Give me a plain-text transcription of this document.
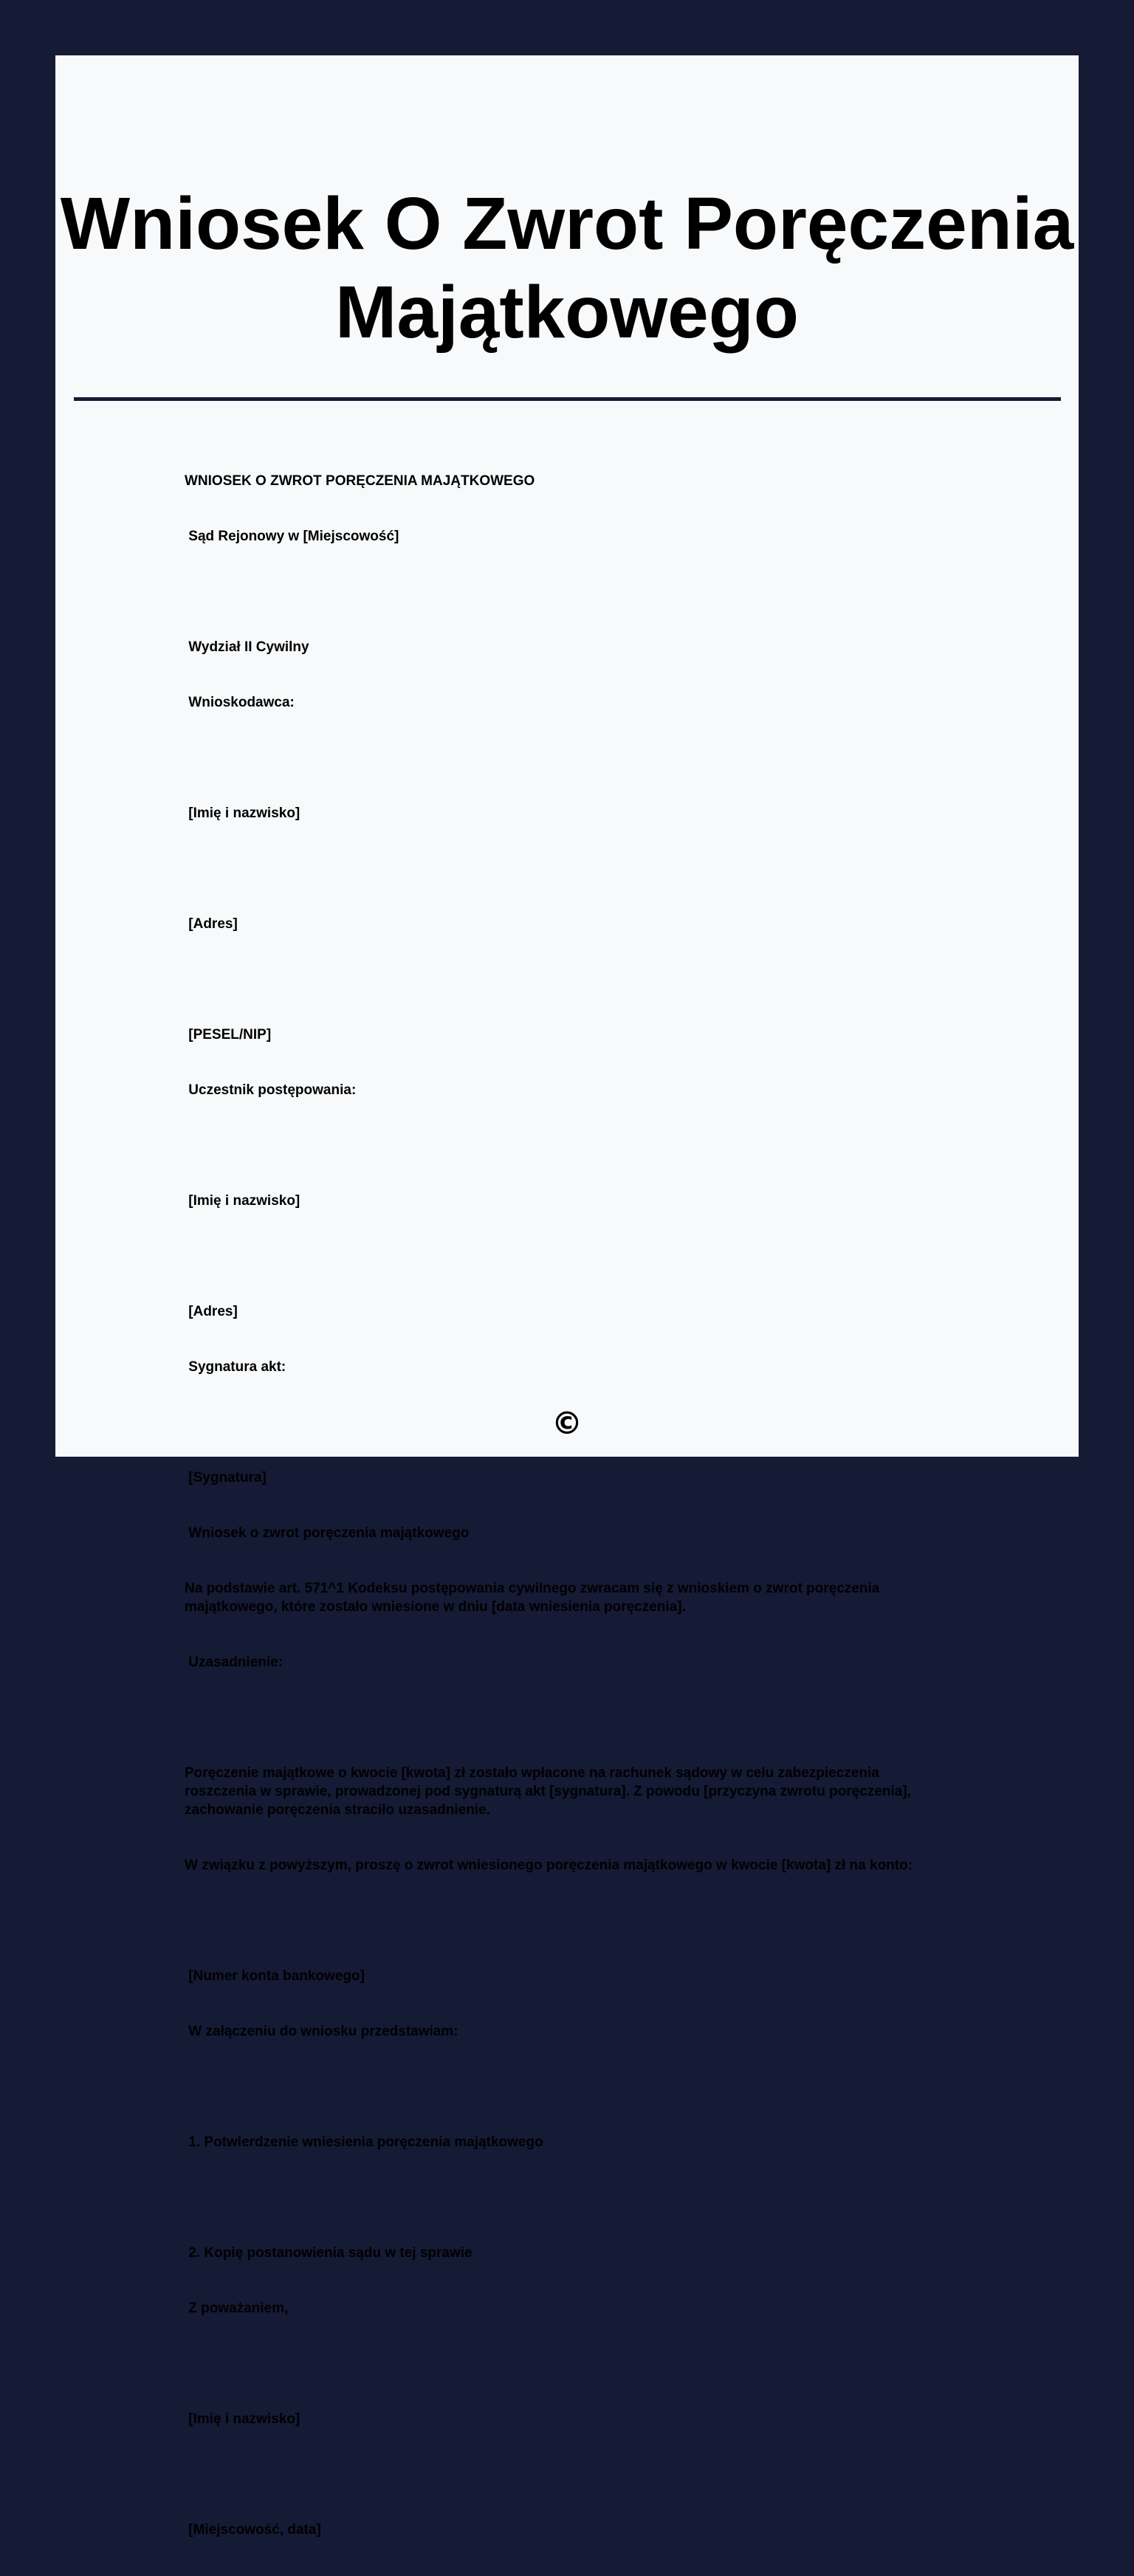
Wniosek O Zwrot Poręczenia Majątkowego

WNIOSEK O ZWROT PORĘCZENIA MAJĄTKOWEGO

Sąd Rejonowy w [Miejscowość]

Wydział II Cywilny

Wnioskodawca:

[Imię i nazwisko]

[Adres]

[PESEL/NIP]

Uczestnik postępowania:

[Imię i nazwisko]

[Adres]

Sygnatura akt:

[Sygnatura]

Wniosek o zwrot poręczenia majątkowego

Na podstawie art. 571^1 Kodeksu postępowania cywilnego zwracam się z wnioskiem o zwrot poręczenia majątkowego, które zostało wniesione w dniu [data wniesienia poręczenia].

Uzasadnienie:

Poręczenie majątkowe o kwocie [kwota] zł zostało wpłacone na rachunek sądowy w celu zabezpieczenia roszczenia w sprawie, prowadzonej pod sygnaturą akt [sygnatura]. Z powodu [przyczyna zwrotu poręczenia], zachowanie poręczenia straciło uzasadnienie.

W związku z powyższym, proszę o zwrot wniesionego poręczenia majątkowego w kwocie [kwota] zł na konto:

[Numer konta bankowego]

W załączeniu do wniosku przedstawiam:

1. Potwierdzenie wniesienia poręczenia majątkowego

2. Kopię postanowienia sądu w tej sprawie

Z poważaniem,

[Imię i nazwisko]

[Miejscowość, data]

©
